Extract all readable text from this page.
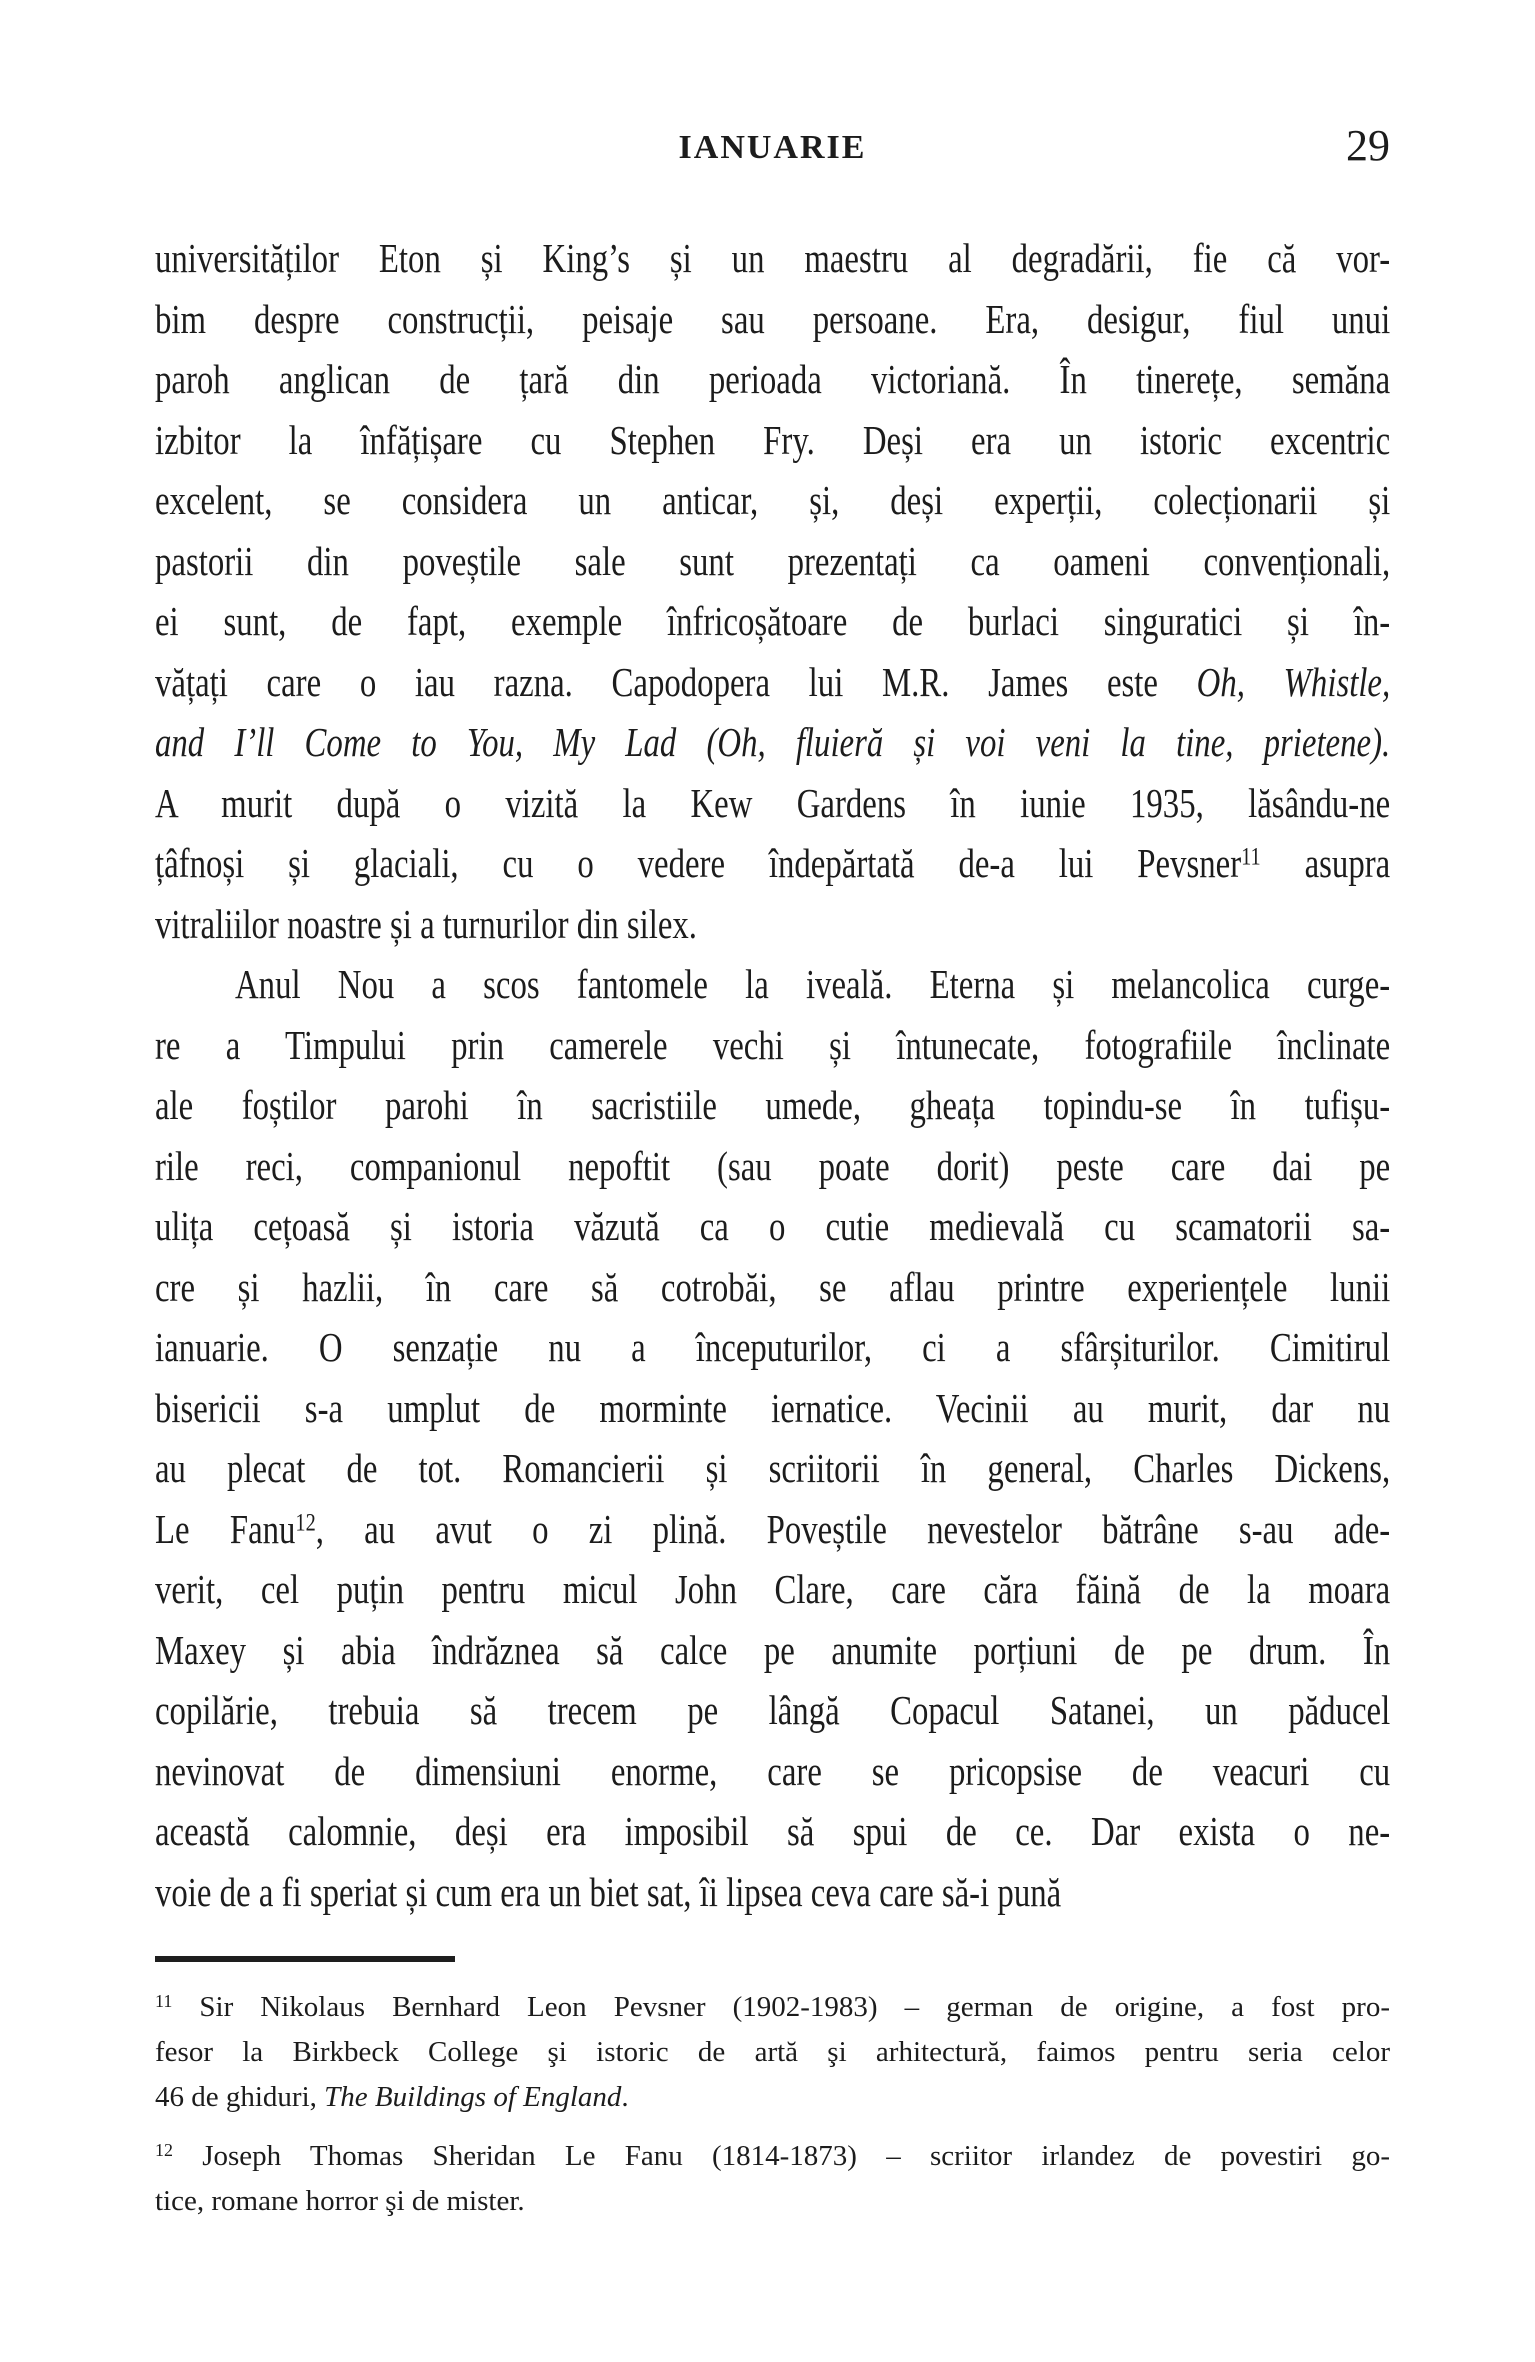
IANUARIE	29
universităților Eton și King’s și un maestru al degradării, fie că vor-
bim despre construcții, peisaje sau persoane. Era, desigur, fiul unui
paroh anglican de țară din perioada victoriană. În tinerețe, semăna
izbitor la înfățișare cu Stephen Fry. Deși era un istoric excentric
excelent, se considera un anticar, și, deși experții, colecționarii și
pastorii din poveștile sale sunt prezentați ca oameni convenționali,
ei sunt, de fapt, exemple înfricoșătoare de burlaci singuratici și în-
vățați care o iau razna. Capodopera lui M.R. James este Oh, Whistle,
and I’ll Come to You, My Lad (Oh, fluieră și voi veni la tine, prietene).
A murit după o vizită la Kew Gardens în iunie 1935, lăsându-ne
țâfnoși și glaciali, cu o vedere îndepărtată de-a lui Pevsner$^{11}$ asupra
vitraliilor noastre și a turnurilor din silex.
Anul Nou a scos fantomele la iveală. Eterna și melancolica curge-
re a Timpului prin camerele vechi și întunecate, fotografiile înclinate
ale foștilor parohi în sacristiile umede, gheața topindu-se în tufișu-
rile reci, companionul nepoftit (sau poate dorit) peste care dai pe
ulița cețoasă și istoria văzută ca o cutie medievală cu scamatorii sa-
cre și hazlii, în care să cotrobăi, se aflau printre experiențele lunii
ianuarie. O senzație nu a începuturilor, ci a sfârșiturilor. Cimitirul
bisericii s-a umplut de morminte iernatice. Vecinii au murit, dar nu
au plecat de tot. Romancierii și scriitorii în general, Charles Dickens,
Le Fanu$^{12}$, au avut o zi plină. Poveștile nevestelor bătrâne s-au ade-
verit, cel puțin pentru micul John Clare, care căra făină de la moara
Maxey și abia îndrăznea să calce pe anumite porțiuni de pe drum. În
copilărie, trebuia să trecem pe lângă Copacul Satanei, un păducel
nevinovat de dimensiuni enorme, care se pricopsise de veacuri cu
această calomnie, deși era imposibil să spui de ce. Dar exista o ne-
voie de a fi speriat și cum era un biet sat, îi lipsea ceva care să-i pună
$^{11}$ Sir Nikolaus Bernhard Leon Pevsner (1902-1983) – german de origine, a fost pro-
fesor la Birkbeck College şi istoric de artă şi arhitectură, faimos pentru seria celor
46 de ghiduri, The Buildings of England.
$^{12}$ Joseph Thomas Sheridan Le Fanu (1814-1873) – scriitor irlandez de povestiri go-
tice, romane horror şi de mister.
